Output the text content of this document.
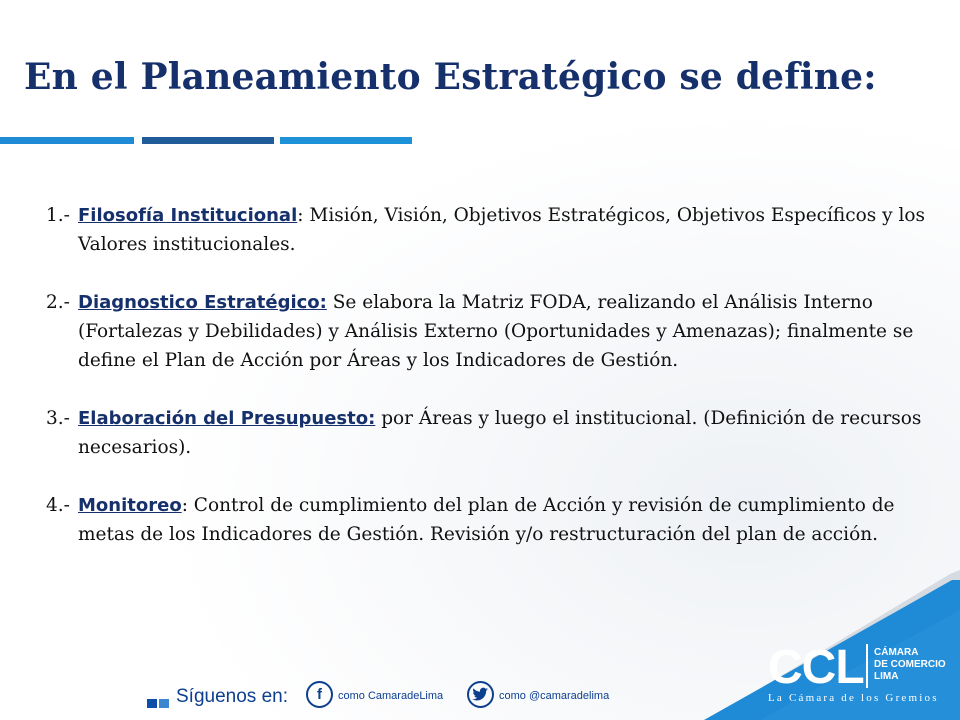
En el Planeamiento Estratégico se define:
1.- Filosofía Institucional: Misión, Visión, Objetivos Estratégicos, Objetivos Específicos y los Valores institucionales.
2.- Diagnostico Estratégico: Se elabora la Matriz FODA, realizando el Análisis Interno (Fortalezas y Debilidades) y Análisis Externo (Oportunidades y Amenazas); finalmente se define el Plan de Acción por Áreas y los Indicadores de Gestión.
3.- Elaboración del Presupuesto: por Áreas y luego el institucional. (Definición de recursos necesarios).
4.- Monitoreo: Control de cumplimiento del plan de Acción y revisión de cumplimiento de metas de los Indicadores de Gestión. Revisión y/o restructuración del plan de acción.
Síguenos en:	f	como CamaradeLima	como @camaradelima
CCL CÁMARA
DE COMERCIO
LIMA
La Cámara de los Gremios
